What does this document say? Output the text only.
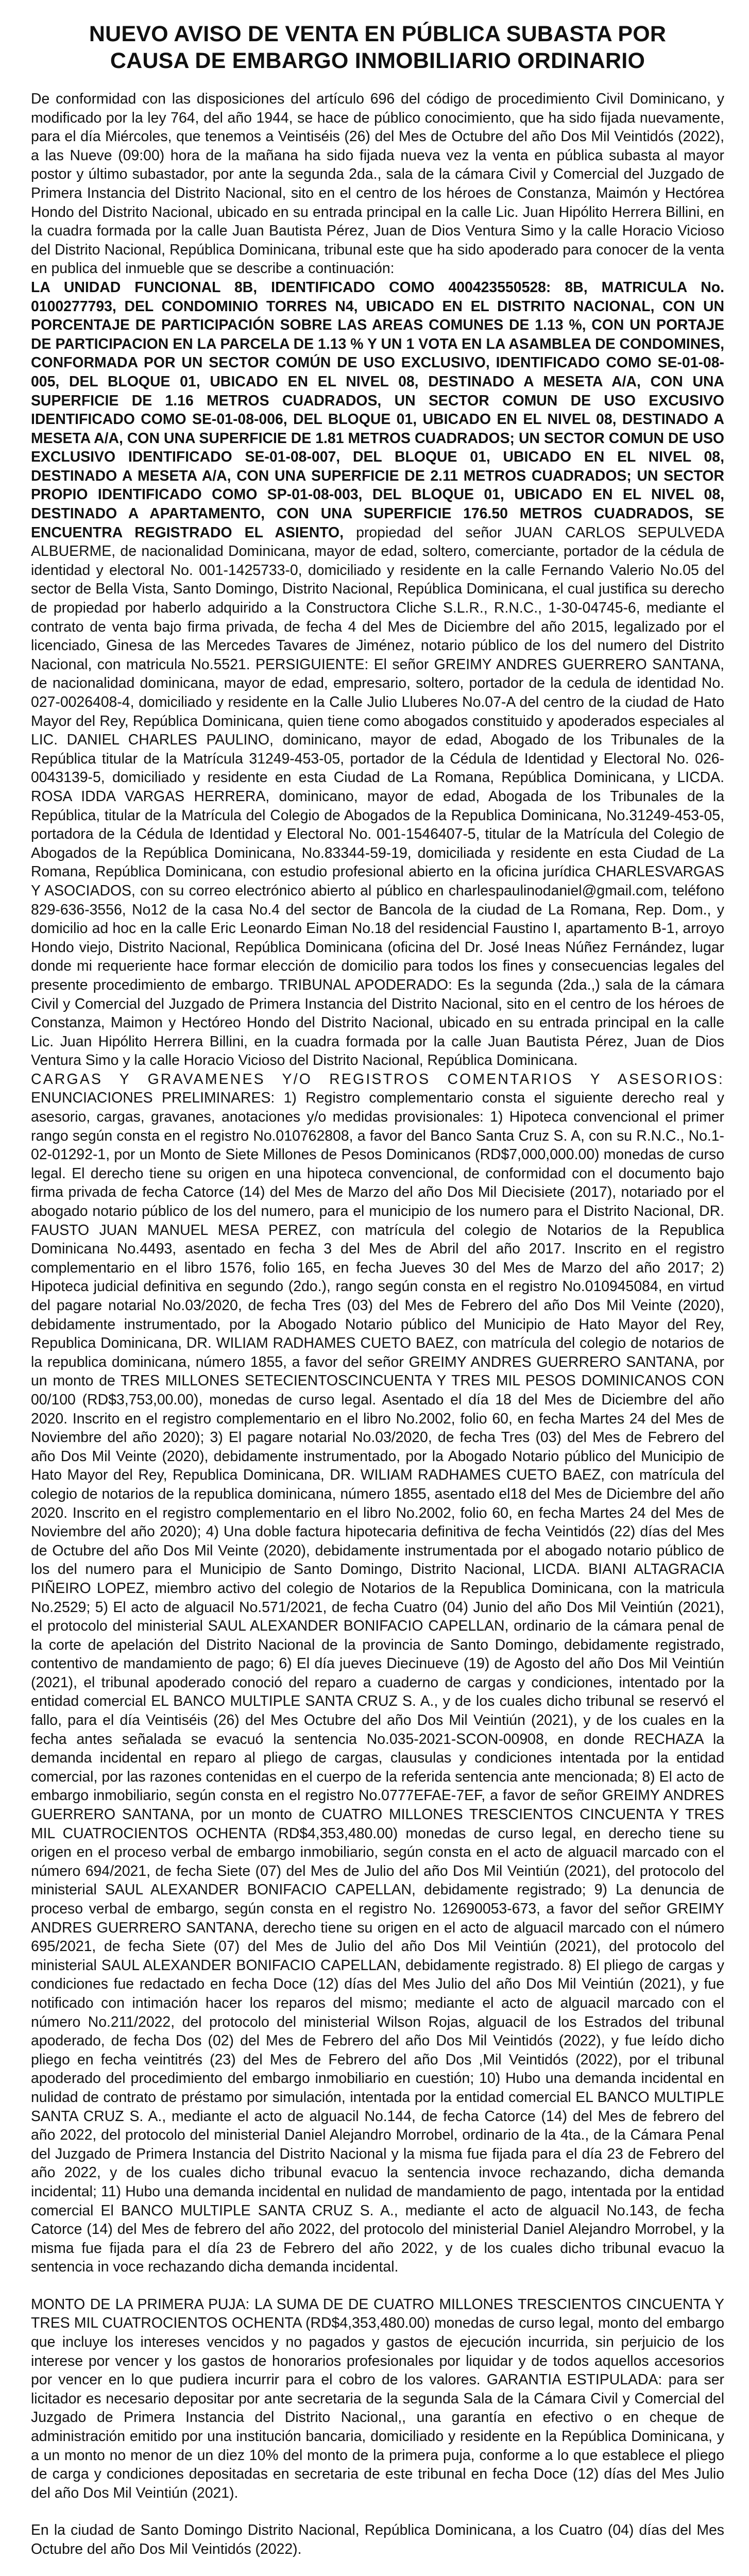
NUEVO AVISO DE VENTA EN PÚBLICA SUBASTA POR
CAUSA DE EMBARGO INMOBILIARIO ORDINARIO

De conformidad con las disposiciones del artículo 696 del código de procedimiento Civil Dominicano, y modificado por la ley 764, del año 1944, se hace de público conocimiento, que ha sido fijada nuevamente, para el día Miércoles, que tenemos a Veintiséis (26) del Mes de Octubre del año Dos Mil Veintidós (2022), a las Nueve (09:00) hora de la mañana ha sido fijada nueva vez la venta en pública subasta al mayor postor y último subastador, por ante la segunda 2da., sala de la cámara Civil y Comercial del Juzgado de Primera Instancia del Distrito Nacional, sito en el centro de los héroes de Constanza, Maimón y Hectórea Hondo del Distrito Nacional, ubicado en su entrada principal en la calle Lic. Juan Hipólito Herrera Billini, en la cuadra formada por la calle Juan Bautista Pérez, Juan de Dios Ventura Simo y la calle Horacio Vicioso del Distrito Nacional, República Dominicana, tribunal este que ha sido apoderado para conocer de la venta en publica del inmueble que se describe a continuación:
LA UNIDAD FUNCIONAL 8B, IDENTIFICADO COMO 400423550528: 8B, MATRICULA No. 0100277793, DEL CONDOMINIO TORRES N4, UBICADO EN EL DISTRITO NACIONAL, CON UN PORCENTAJE DE PARTICIPACIÓN SOBRE LAS AREAS COMUNES DE 1.13 %, CON UN PORTAJE DE PARTICIPACION EN LA PARCELA DE 1.13 % Y UN 1 VOTA EN LA ASAMBLEA DE CONDOMINES, CONFORMADA POR UN SECTOR COMÚN DE USO EXCLUSIVO, IDENTIFICADO COMO SE-01-08-005, DEL BLOQUE 01, UBICADO EN EL NIVEL 08, DESTINADO A MESETA A/A, CON UNA SUPERFICIE DE 1.16 METROS CUADRADOS, UN SECTOR COMUN DE USO EXCUSIVO IDENTIFICADO COMO SE-01-08-006, DEL BLOQUE 01, UBICADO EN EL NIVEL 08, DESTINADO A MESETA A/A, CON UNA SUPERFICIE DE 1.81 METROS CUADRADOS; UN SECTOR COMUN DE USO EXCLUSIVO IDENTIFICADO SE-01-08-007, DEL BLOQUE 01, UBICADO EN EL NIVEL 08, DESTINADO A MESETA A/A, CON UNA SUPERFICIE DE 2.11 METROS CUADRADOS; UN SECTOR PROPIO IDENTIFICADO COMO SP-01-08-003, DEL BLOQUE 01, UBICADO EN EL NIVEL 08, DESTINADO A APARTAMENTO, CON UNA SUPERFICIE 176.50 METROS CUADRADOS, SE ENCUENTRA REGISTRADO EL ASIENTO, propiedad del señor JUAN CARLOS SEPULVEDA ALBUERME, de nacionalidad Dominicana, mayor de edad, soltero, comerciante, portador de la cédula de identidad y electoral No. 001-1425733-0, domiciliado y residente en la calle Fernando Valerio No.05 del sector de Bella Vista, Santo Domingo, Distrito Nacional, República Dominicana, el cual justifica su derecho de propiedad por haberlo adquirido a la Constructora Cliche S.L.R., R.N.C., 1-30-04745-6, mediante el contrato de venta bajo firma privada, de fecha 4 del Mes de Diciembre del año 2015, legalizado por el licenciado, Ginesa de las Mercedes Tavares de Jiménez, notario público de los del numero del Distrito Nacional, con matricula No.5521. PERSIGUIENTE: El señor GREIMY ANDRES GUERRERO SANTANA, de nacionalidad dominicana, mayor de edad, empresario, soltero, portador de la cedula de identidad No. 027-0026408-4, domiciliado y residente en la Calle Julio Lluberes No.07-A del centro de la ciudad de Hato Mayor del Rey, República Dominicana, quien tiene como abogados constituido y apoderados especiales al LIC. DANIEL CHARLES PAULINO, dominicano, mayor de edad, Abogado de los Tribunales de la República titular de la Matrícula 31249-453-05, portador de la Cédula de Identidad y Electoral No. 026-0043139-5, domiciliado y residente en esta Ciudad de La Romana, República Dominicana, y LICDA. ROSA IDDA VARGAS HERRERA, dominicano, mayor de edad, Abogada de los Tribunales de la República, titular de la Matrícula del Colegio de Abogados de la Republica Dominicana, No.31249-453-05, portadora de la Cédula de Identidad y Electoral No. 001-1546407-5, titular de la Matrícula del Colegio de Abogados de la República Dominicana, No.83344-59-19, domiciliada y residente en esta Ciudad de La Romana, República Dominicana, con estudio profesional abierto en la oficina jurídica CHARLESVARGAS Y ASOCIADOS, con su correo electrónico abierto al público en charlespaulinodaniel@gmail.com, teléfono 829-636-3556, No12 de la casa No.4 del sector de Bancola de la ciudad de La Romana, Rep. Dom., y domicilio ad hoc en la calle Eric Leonardo Eiman No.18 del residencial Faustino I, apartamento B-1, arroyo Hondo viejo, Distrito Nacional, República Dominicana (oficina del Dr. José Ineas Núñez Fernández, lugar donde mi requeriente hace formar elección de domicilio para todos los fines y consecuencias legales del presente procedimiento de embargo. TRIBUNAL APODERADO: Es la segunda (2da.,) sala de la cámara Civil y Comercial del Juzgado de Primera Instancia del Distrito Nacional, sito en el centro de los héroes de Constanza, Maimon y Hectóreo Hondo del Distrito Nacional, ubicado en su entrada principal en la calle Lic. Juan Hipólito Herrera Billini, en la cuadra formada por la calle Juan Bautista Pérez, Juan de Dios Ventura Simo y la calle Horacio Vicioso del Distrito Nacional, República Dominicana.
CARGAS Y GRAVAMENES Y/O REGISTROS COMENTARIOS Y ASESORIOS: ENUNCIACIONES PRELIMINARES: 1) Registro complementario consta el siguiente derecho real y asesorio, cargas, gravanes, anotaciones y/o medidas provisionales: 1) Hipoteca convencional el primer rango según consta en el registro No.010762808, a favor del Banco Santa Cruz S. A, con su R.N.C., No.1-02-01292-1, por un Monto de Siete Millones de Pesos Dominicanos (RD$7,000,000.00) monedas de curso legal. El derecho tiene su origen en una hipoteca convencional, de conformidad con el documento bajo firma privada de fecha Catorce (14) del Mes de Marzo del año Dos Mil Diecisiete (2017), notariado por el abogado notario público de los del numero, para el municipio de los numero para el Distrito Nacional, DR. FAUSTO JUAN MANUEL MESA PEREZ, con matrícula del colegio de Notarios de la Republica Dominicana No.4493, asentado en fecha 3 del Mes de Abril del año 2017. Inscrito en el registro complementario en el libro 1576, folio 165, en fecha Jueves 30 del Mes de Marzo del año 2017; 2) Hipoteca judicial definitiva en segundo (2do.), rango según consta en el registro No.010945084, en virtud del pagare notarial No.03/2020, de fecha Tres (03) del Mes de Febrero del año Dos Mil Veinte (2020), debidamente instrumentado, por la Abogado Notario público del Municipio de Hato Mayor del Rey, Republica Dominicana, DR. WILIAM RADHAMES CUETO BAEZ, con matrícula del colegio de notarios de la republica dominicana, número 1855, a favor del señor GREIMY ANDRES GUERRERO SANTANA, por un monto de TRES MILLONES SETECIENTOSCINCUENTA Y TRES MIL PESOS DOMINICANOS CON 00/100 (RD$3,753,00.00), monedas de curso legal. Asentado el día 18 del Mes de Diciembre del año 2020. Inscrito en el registro complementario en el libro No.2002, folio 60, en fecha Martes 24 del Mes de Noviembre del año 2020); 3) El pagare notarial No.03/2020, de fecha Tres (03) del Mes de Febrero del año Dos Mil Veinte (2020), debidamente instrumentado, por la Abogado Notario público del Municipio de Hato Mayor del Rey, Republica Dominicana, DR. WILIAM RADHAMES CUETO BAEZ, con matrícula del colegio de notarios de la republica dominicana, número 1855, asentado el18 del Mes de Diciembre del año 2020. Inscrito en el registro complementario en el libro No.2002, folio 60, en fecha Martes 24 del Mes de Noviembre del año 2020); 4) Una doble factura hipotecaria definitiva de fecha Veintidós (22) días del Mes de Octubre del año Dos Mil Veinte (2020), debidamente instrumentada por el abogado notario público de los del numero para el Municipio de Santo Domingo, Distrito Nacional, LICDA. BIANI ALTAGRACIA PIÑEIRO LOPEZ, miembro activo del colegio de Notarios de la Republica Dominicana, con la matricula No.2529; 5) El acto de alguacil No.571/2021, de fecha Cuatro (04) Junio del año Dos Mil Veintiún (2021), el protocolo del ministerial SAUL ALEXANDER BONIFACIO CAPELLAN, ordinario de la cámara penal de la corte de apelación del Distrito Nacional de la provincia de Santo Domingo, debidamente registrado, contentivo de mandamiento de pago; 6) El día jueves Diecinueve (19) de Agosto del año Dos Mil Veintiún (2021), el tribunal apoderado conoció del reparo a cuaderno de cargas y condiciones, intentado por la entidad comercial EL BANCO MULTIPLE SANTA CRUZ S. A., y de los cuales dicho tribunal se reservó el fallo, para el día Veintiséis (26) del Mes Octubre del año Dos Mil Veintiún (2021), y de los cuales en la fecha antes señalada se evacuó la sentencia No.035-2021-SCON-00908, en donde RECHAZA la demanda incidental en reparo al pliego de cargas, clausulas y condiciones intentada por la entidad comercial, por las razones contenidas en el cuerpo de la referida sentencia ante mencionada; 8) El acto de embargo inmobiliario, según consta en el registro No.0777EFAE-7EF, a favor de señor GREIMY ANDRES GUERRERO SANTANA, por un monto de CUATRO MILLONES TRESCIENTOS CINCUENTA Y TRES MIL CUATROCIENTOS OCHENTA (RD$4,353,480.00) monedas de curso legal, en derecho tiene su origen en el proceso verbal de embargo inmobiliario, según consta en el acto de alguacil marcado con el número 694/2021, de fecha Siete (07) del Mes de Julio del año Dos Mil Veintiún (2021), del protocolo del ministerial SAUL ALEXANDER BONIFACIO CAPELLAN, debidamente registrado; 9) La denuncia de proceso verbal de embargo, según consta en el registro No. 12690053-673, a favor del señor GREIMY ANDRES GUERRERO SANTANA, derecho tiene su origen en el acto de alguacil marcado con el número 695/2021, de fecha Siete (07) del Mes de Julio del año Dos Mil Veintiún (2021), del protocolo del ministerial SAUL ALEXANDER BONIFACIO CAPELLAN, debidamente registrado. 8) El pliego de cargas y condiciones fue redactado en fecha Doce (12) días del Mes Julio del año Dos Mil Veintiún (2021), y fue notificado con intimación hacer los reparos del mismo; mediante el acto de alguacil marcado con el número No.211/2022, del protocolo del ministerial Wilson Rojas, alguacil de los Estrados del tribunal apoderado, de fecha Dos (02) del Mes de Febrero del año Dos Mil Veintidós (2022), y fue leído dicho pliego en fecha veintitrés (23) del Mes de Febrero del año Dos ,Mil Veintidós (2022), por el tribunal apoderado del procedimiento del embargo inmobiliario en cuestión; 10) Hubo una demanda incidental en nulidad de contrato de préstamo por simulación, intentada por la entidad comercial EL BANCO MULTIPLE SANTA CRUZ S. A., mediante el acto de alguacil No.144, de fecha Catorce (14) del Mes de febrero del año 2022, del protocolo del ministerial Daniel Alejandro Morrobel, ordinario de la 4ta., de la Cámara Penal del Juzgado de Primera Instancia del Distrito Nacional y la misma fue fijada para el día 23 de Febrero del año 2022, y de los cuales dicho tribunal evacuo la sentencia invoce rechazando, dicha demanda incidental; 11) Hubo una demanda incidental en nulidad de mandamiento de pago, intentada por la entidad comercial El BANCO MULTIPLE SANTA CRUZ S. A., mediante el acto de alguacil No.143, de fecha Catorce (14) del Mes de febrero del año 2022, del protocolo del ministerial Daniel Alejandro Morrobel, y la misma fue fijada para el día 23 de Febrero del año 2022, y de los cuales dicho tribunal evacuo la sentencia in voce rechazando dicha demanda incidental.

MONTO DE LA PRIMERA PUJA: LA SUMA DE DE CUATRO MILLONES TRESCIENTOS CINCUENTA Y TRES MIL CUATROCIENTOS OCHENTA (RD$4,353,480.00) monedas de curso legal, monto del embargo que incluye los intereses vencidos y no pagados y gastos de ejecución incurrida, sin perjuicio de los interese por vencer y los gastos de honorarios profesionales por liquidar y de todos aquellos accesorios por vencer en lo que pudiera incurrir para el cobro de los valores. GARANTIA ESTIPULADA: para ser licitador es necesario depositar por ante secretaria de la segunda Sala de la Cámara Civil y Comercial del Juzgado de Primera Instancia del Distrito Nacional,, una garantía en efectivo o en cheque de administración emitido por una institución bancaria, domiciliado y residente en la República Dominicana, y a un monto no menor de un diez 10% del monto de la primera puja, conforme a lo que establece el pliego de carga y condiciones depositadas en secretaria de este tribunal en fecha Doce (12) días del Mes Julio del año Dos Mil Veintiún (2021).

En la ciudad de Santo Domingo Distrito Nacional, República Dominicana, a los Cuatro (04) días del Mes Octubre del año Dos Mil Veintidós (2022).
